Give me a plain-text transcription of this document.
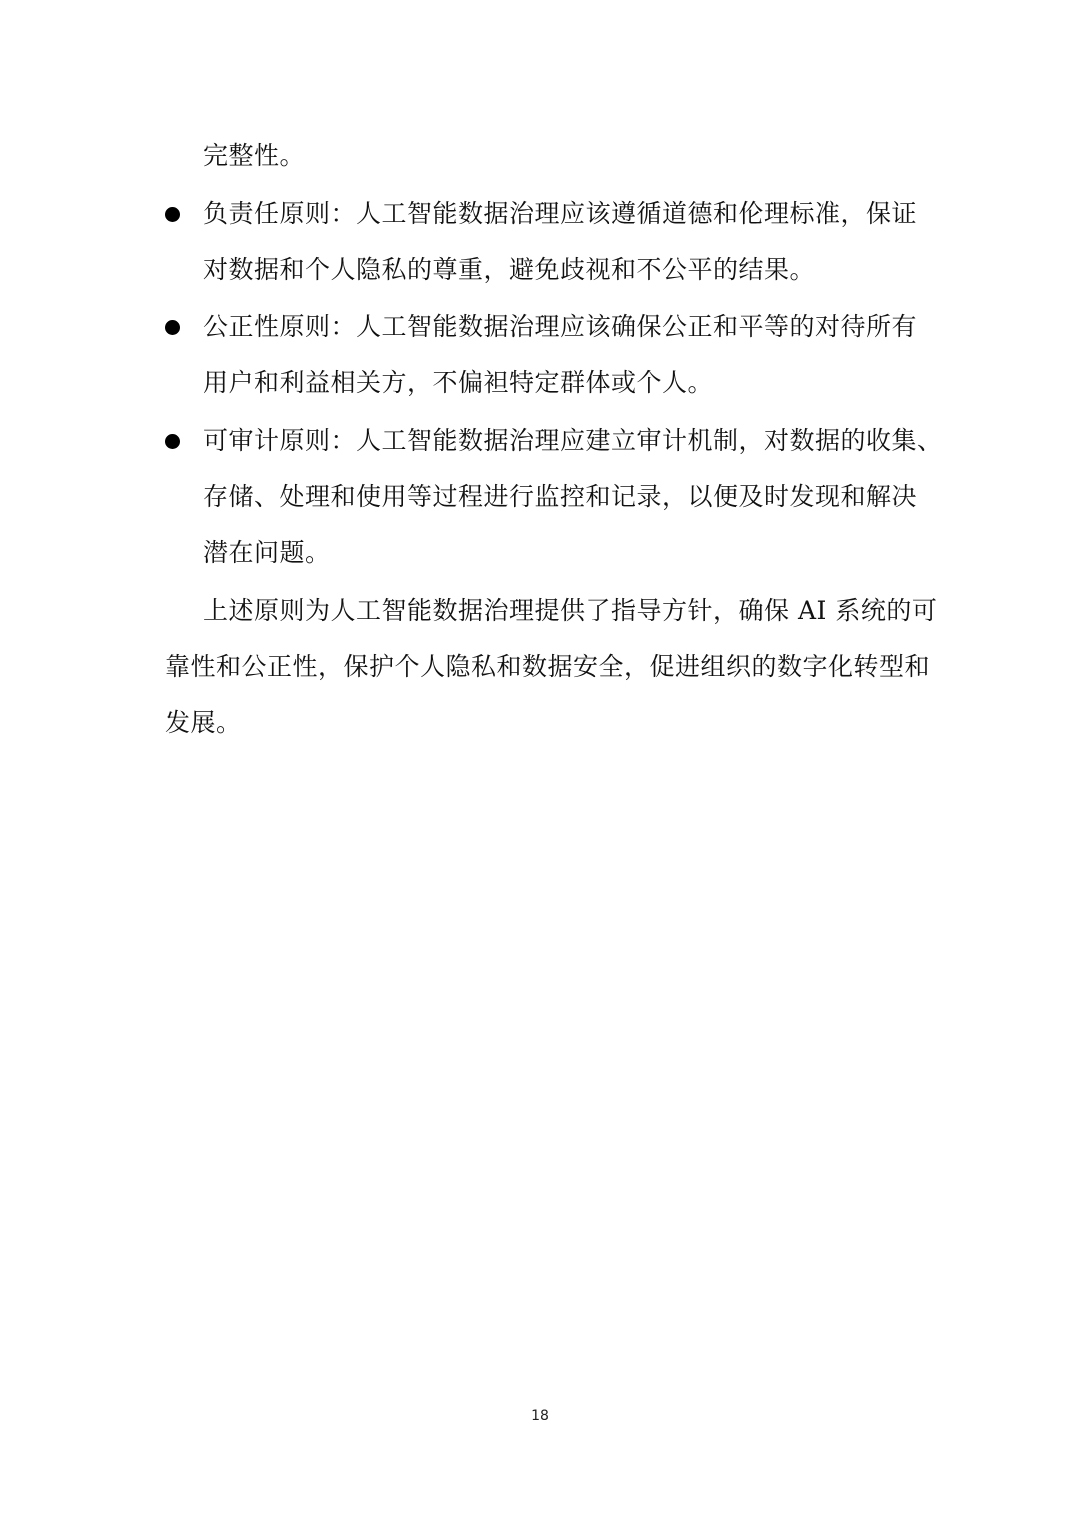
完整性。
负责任原则：人工智能数据治理应该遵循道德和伦理标准，保证
对数据和个人隐私的尊重，避免歧视和不公平的结果。
公正性原则：人工智能数据治理应该确保公正和平等的对待所有
用户和利益相关方，不偏袒特定群体或个人。
可审计原则：人工智能数据治理应建立审计机制，对数据的收集、
存储、处理和使用等过程进行监控和记录，以便及时发现和解决
潜在问题。
上述原则为人工智能数据治理提供了指导方针，确保 AI 系统的可
靠性和公正性，保护个人隐私和数据安全，促进组织的数字化转型和
发展。
18
